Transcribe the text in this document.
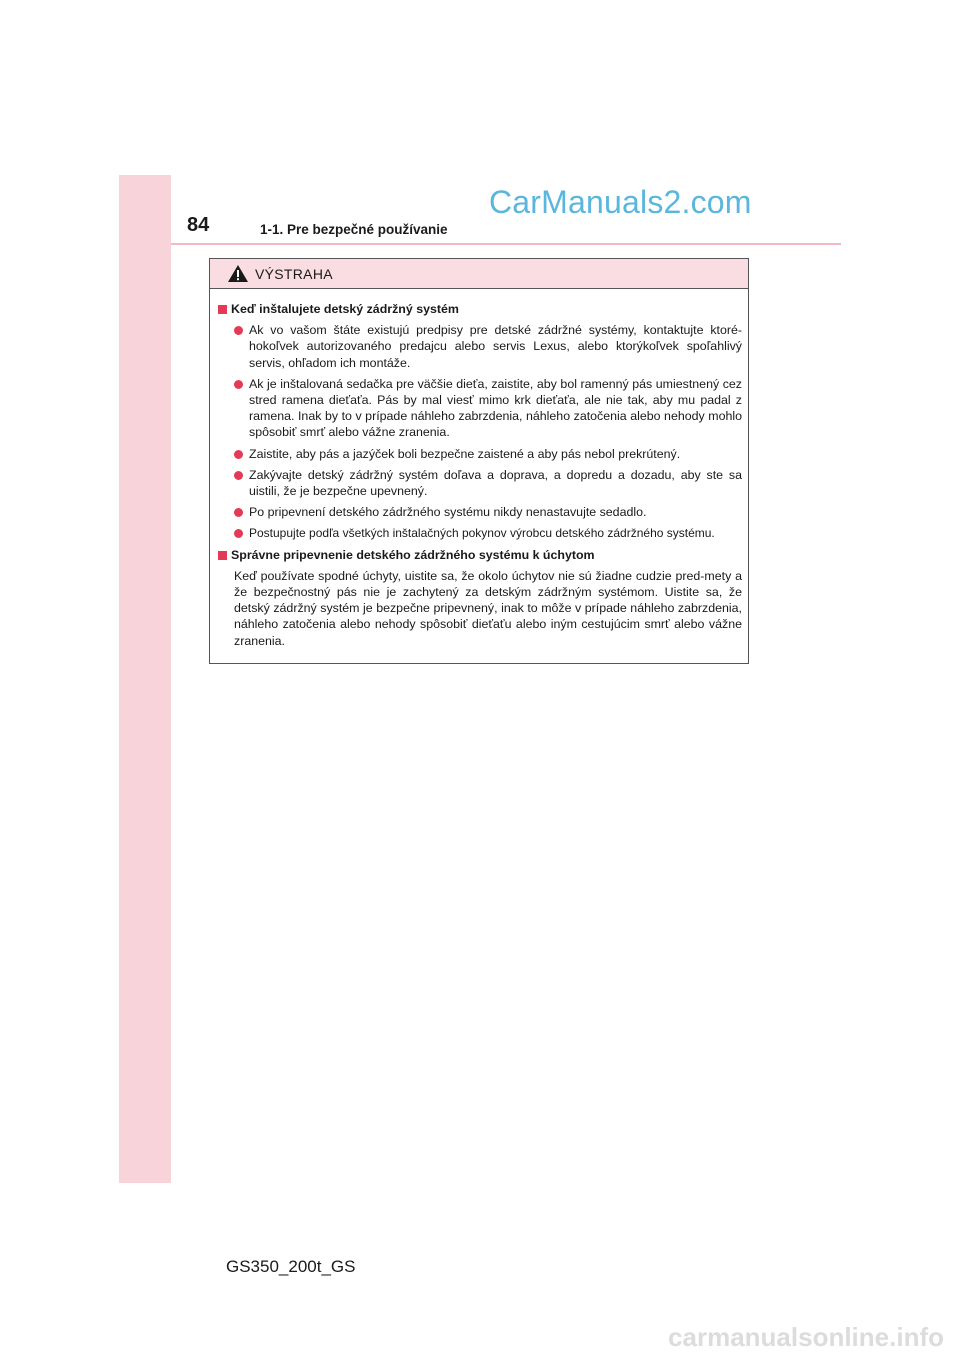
84	1-1. Pre bezpečné používanie
CarManuals2.com
VÝSTRAHA
Keď inštalujete detský zádržný systém
Ak vo vašom štáte existujú predpisy pre detské zádržné systémy, kontaktujte ktoré-hokoľvek autorizovaného predajcu alebo servis Lexus, alebo ktorýkoľvek spoľahlivý servis, ohľadom ich montáže.
Ak je inštalovaná sedačka pre väčšie dieťa, zaistite, aby bol ramenný pás umiestnený cez stred ramena dieťaťa. Pás by mal viesť mimo krk dieťaťa, ale nie tak, aby mu padal z ramena. Inak by to v prípade náhleho zabrzdenia, náhleho zatočenia alebo nehody mohlo spôsobiť smrť alebo vážne zranenia.
Zaistite, aby pás a jazýček boli bezpečne zaistené a aby pás nebol prekrútený.
Zakývajte detský zádržný systém doľava a doprava, a dopredu a dozadu, aby ste sa uistili, že je bezpečne upevnený.
Po pripevnení detského zádržného systému nikdy nenastavujte sedadlo.
Postupujte podľa všetkých inštalačných pokynov výrobcu detského zádržného systému.
Správne pripevnenie detského zádržného systému k úchytom

Keď používate spodné úchyty, uistite sa, že okolo úchytov nie sú žiadne cudzie pred-mety a že bezpečnostný pás nie je zachytený za detským zádržným systémom. Uistite sa, že detský zádržný systém je bezpečne pripevnený, inak to môže v prípade náhleho zabrzdenia, náhleho zatočenia alebo nehody spôsobiť dieťaťu alebo iným cestujúcim smrť alebo vážne zranenia.

GS350_200t_GS
carmanualsonline.info
